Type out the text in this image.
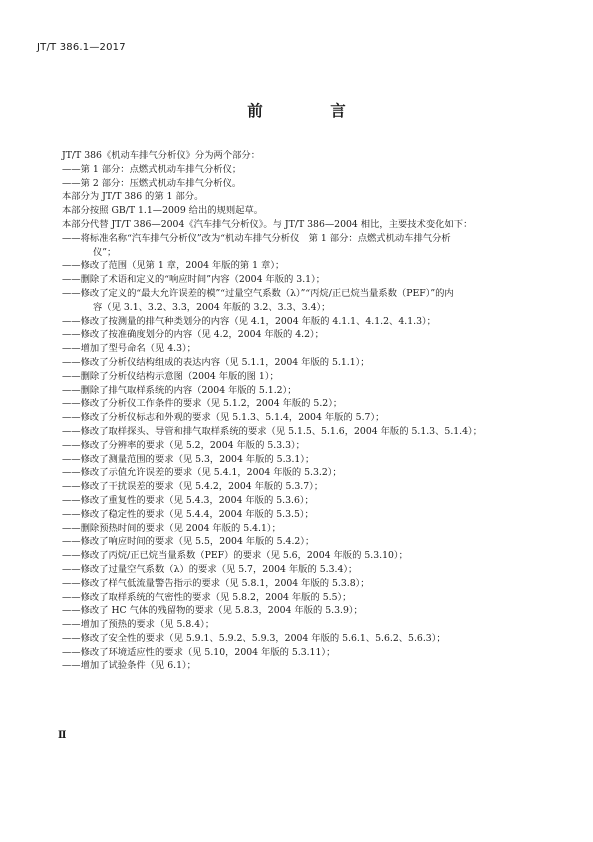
JT/T 386.1—2017
前　言
JT/T 386《机动车排气分析仪》分为两个部分：
——第 1 部分：点燃式机动车排气分析仪；
——第 2 部分：压燃式机动车排气分析仪。
本部分为 JT/T 386 的第 1 部分。
本部分按照 GB/T 1.1—2009 给出的规则起草。
本部分代替 JT/T 386—2004《汽车排气分析仪》。与 JT/T 386—2004 相比，主要技术变化如下：
——将标准名称“汽车排气分析仪”改为“机动车排气分析仪　第 1 部分：点燃式机动车排气分析
仪”；
——修改了范围（见第 1 章，2004 年版的第 1 章）；
——删除了术语和定义的“响应时间”内容（2004 年版的 3.1）；
——修改了定义的“最大允许误差的模”“过量空气系数（λ）”“丙烷/正已烷当量系数（PEF）”的内
容（见 3.1、3.2、3.3，2004 年版的 3.2、3.3、3.4）；
——修改了按测量的排气种类划分的内容（见 4.1，2004 年版的 4.1.1、4.1.2、4.1.3）；
——修改了按准确度划分的内容（见 4.2，2004 年版的 4.2）；
——增加了型号命名（见 4.3）；
——修改了分析仪结构组成的表达内容（见 5.1.1，2004 年版的 5.1.1）；
——删除了分析仪结构示意图（2004 年版的图 1）；
——删除了排气取样系统的内容（2004 年版的 5.1.2）；
——修改了分析仪工作条件的要求（见 5.1.2，2004 年版的 5.2）；
——修改了分析仪标志和外观的要求（见 5.1.3、5.1.4，2004 年版的 5.7）；
——修改了取样探头、导管和排气取样系统的要求（见 5.1.5、5.1.6，2004 年版的 5.1.3、5.1.4）；
——修改了分辨率的要求（见 5.2，2004 年版的 5.3.3）；
——修改了测量范围的要求（见 5.3，2004 年版的 5.3.1）；
——修改了示值允许误差的要求（见 5.4.1，2004 年版的 5.3.2）；
——修改了干扰误差的要求（见 5.4.2，2004 年版的 5.3.7）；
——修改了重复性的要求（见 5.4.3，2004 年版的 5.3.6）；
——修改了稳定性的要求（见 5.4.4，2004 年版的 5.3.5）；
——删除预热时间的要求（见 2004 年版的 5.4.1）；
——修改了响应时间的要求（见 5.5，2004 年版的 5.4.2）；
——修改了丙烷/正已烷当量系数（PEF）的要求（见 5.6，2004 年版的 5.3.10）；
——修改了过量空气系数（λ）的要求（见 5.7，2004 年版的 5.3.4）；
——修改了样气低流量警告指示的要求（见 5.8.1，2004 年版的 5.3.8）；
——修改了取样系统的气密性的要求（见 5.8.2，2004 年版的 5.5）；
——修改了 HC 气体的残留物的要求（见 5.8.3，2004 年版的 5.3.9）；
——增加了预热的要求（见 5.8.4）；
——修改了安全性的要求（见 5.9.1、5.9.2、5.9.3，2004 年版的 5.6.1、5.6.2、5.6.3）；
——修改了环境适应性的要求（见 5.10，2004 年版的 5.3.11）；
——增加了试验条件（见 6.1）；
Ⅱ
